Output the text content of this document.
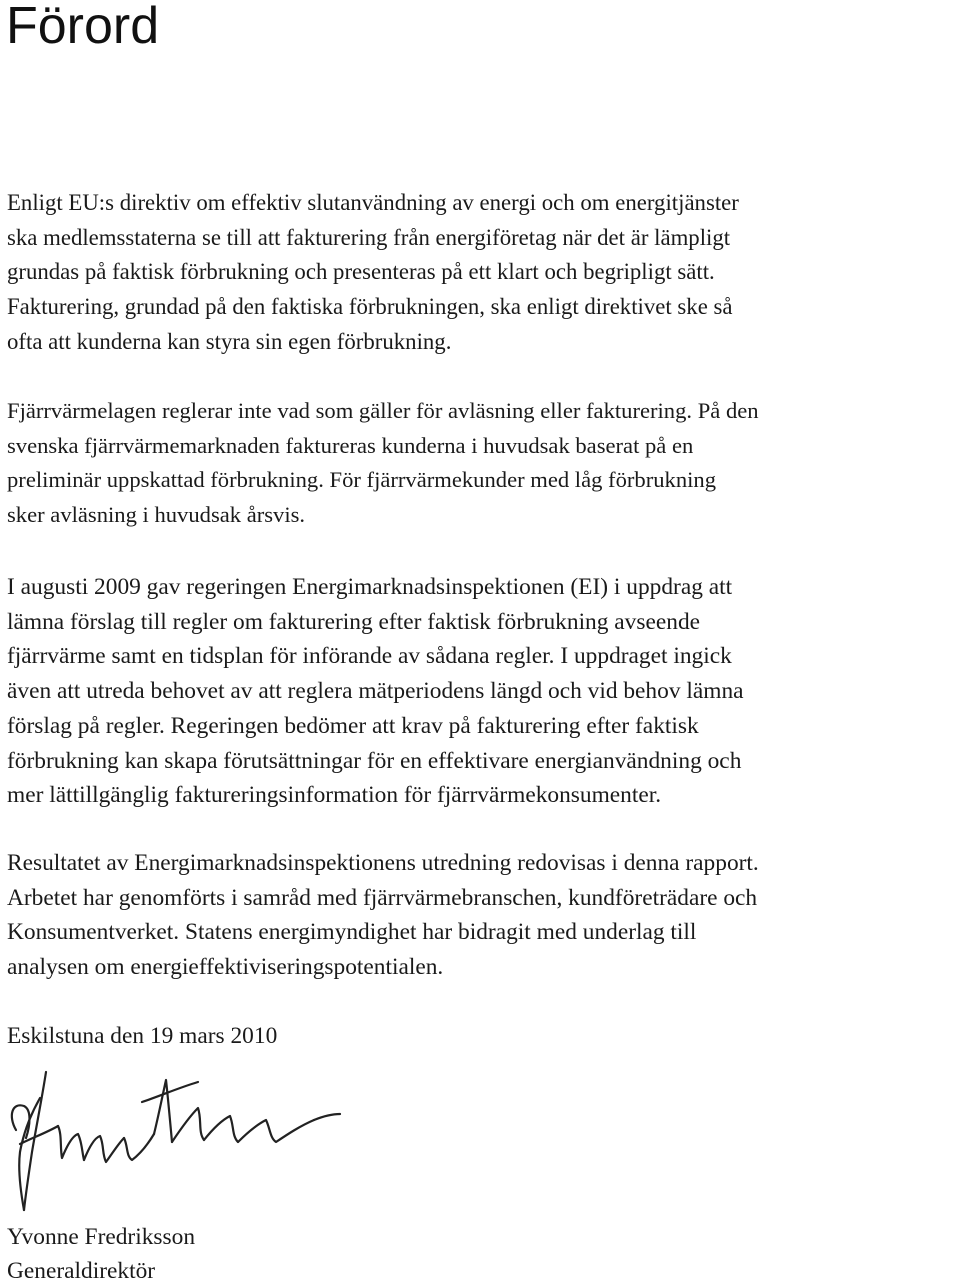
Förord
Enligt EU:s direktiv om effektiv slutanvändning av energi och om energitjänster
ska medlemsstaterna se till att fakturering från energiföretag när det är lämpligt
grundas på faktisk förbrukning och presenteras på ett klart och begripligt sätt.
Fakturering, grundad på den faktiska förbrukningen, ska enligt direktivet ske så
ofta att kunderna kan styra sin egen förbrukning.
Fjärrvärmelagen reglerar inte vad som gäller för avläsning eller fakturering. På den
svenska fjärrvärmemarknaden faktureras kunderna i huvudsak baserat på en
preliminär uppskattad förbrukning. För fjärrvärmekunder med låg förbrukning
sker avläsning i huvudsak årsvis.
I augusti 2009 gav regeringen Energimarknadsinspektionen (EI) i uppdrag att
lämna förslag till regler om fakturering efter faktisk förbrukning avseende
fjärrvärme samt en tidsplan för införande av sådana regler. I uppdraget ingick
även att utreda behovet av att reglera mätperiodens längd och vid behov lämna
förslag på regler. Regeringen bedömer att krav på fakturering efter faktisk
förbrukning kan skapa förutsättningar för en effektivare energianvändning och
mer lättillgänglig faktureringsinformation för fjärrvärmekonsumenter.
Resultatet av Energimarknadsinspektionens utredning redovisas i denna rapport.
Arbetet har genomförts i samråd med fjärrvärmebranschen, kundföreträdare och
Konsumentverket. Statens energimyndighet har bidragit med underlag till
analysen om energieffektiviseringspotentialen.

Eskilstuna den 19 mars 2010

Yvonne Fredriksson

Generaldirektör
